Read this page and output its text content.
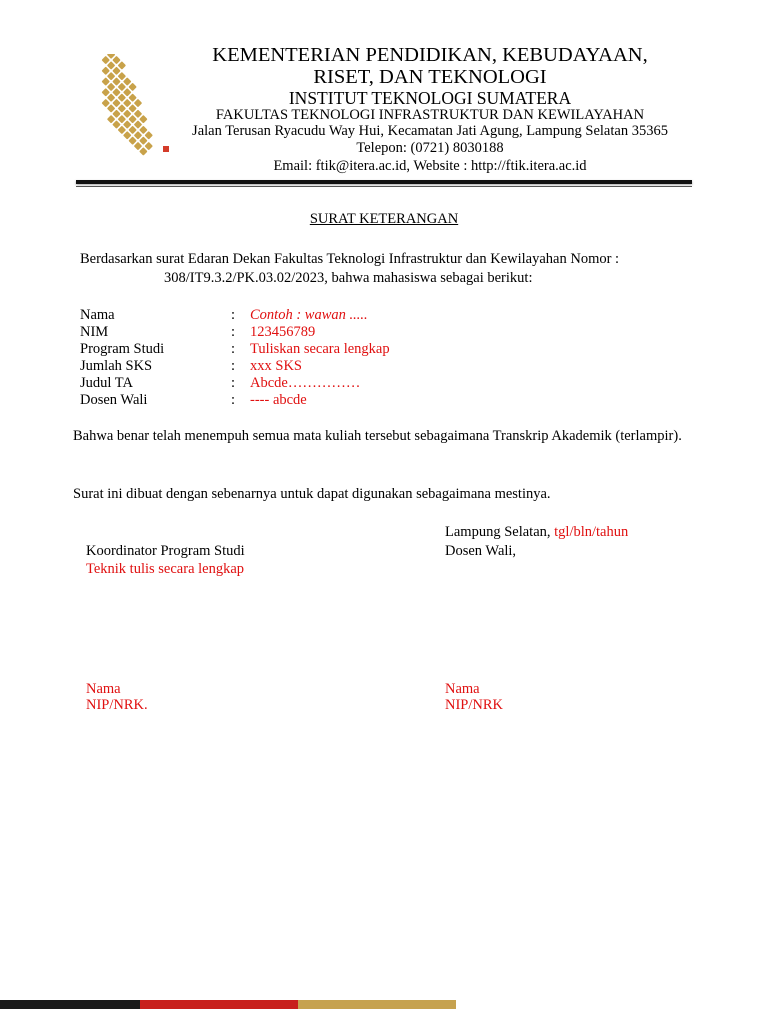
KEMENTERIAN PENDIDIKAN, KEBUDAYAAN,
RISET, DAN TEKNOLOGI
INSTITUT TEKNOLOGI SUMATERA
FAKULTAS TEKNOLOGI INFRASTRUKTUR DAN KEWILAYAHAN
Jalan Terusan Ryacudu Way Hui, Kecamatan Jati Agung, Lampung Selatan 35365
Telepon: (0721) 8030188
Email: ftik@itera.ac.id, Website : http://ftik.itera.ac.id
SURAT KETERANGAN
Berdasarkan surat Edaran Dekan Fakultas Teknologi Infrastruktur dan Kewilayahan Nomor :
308/IT9.3.2/PK.03.02/2023, bahwa mahasiswa sebagai berikut:
Nama	: Contoh : wawan .....
NIM	: 123456789
Program Studi	: Tuliskan secara lengkap
Jumlah SKS	: xxx SKS
Judul TA	: Abcde……………
Dosen Wali	: ---- abcde
Bahwa benar telah menempuh semua mata kuliah tersebut sebagaimana Transkrip Akademik (terlampir).
Surat ini dibuat dengan sebenarnya untuk dapat digunakan sebagaimana mestinya.
Lampung Selatan, tgl/bln/tahun
Koordinator Program Studi
Teknik tulis secara lengkap
Dosen Wali,
Nama
NIP/NRK.
Nama
NIP/NRK
